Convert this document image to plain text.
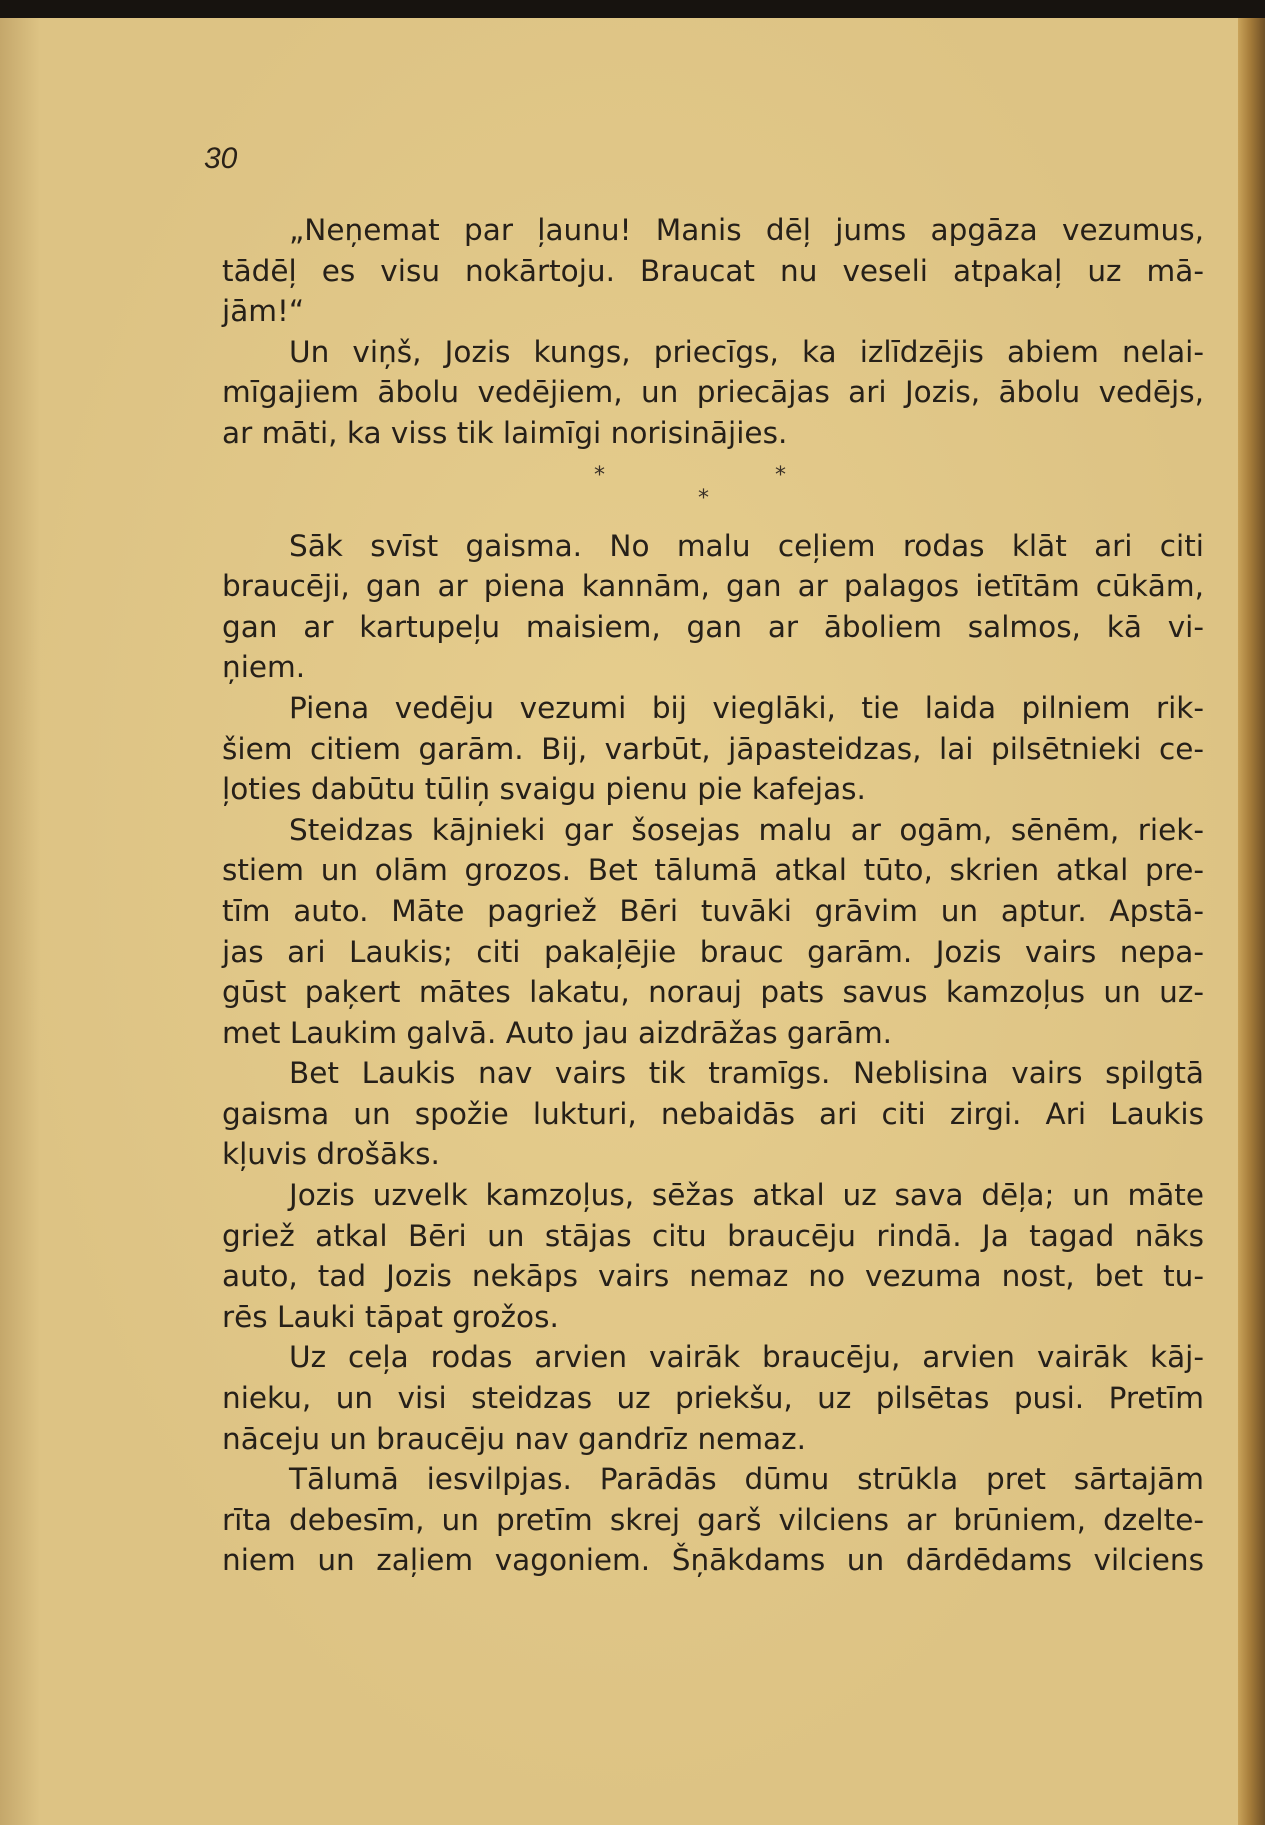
30

„Neņemat par ļaunu! Manis dēļ jums apgāza vezumus,
tādēļ es visu nokārtoju. Braucat nu veseli atpakaļ uz mā-
jām!“
Un viņš, Jozis kungs, priecīgs, ka izlīdzējis abiem nelai-
mīgajiem ābolu vedējiem, un priecājas ari Jozis, ābolu vedējs,
ar māti, ka viss tik laimīgi norisinājies.
*	*
*
Sāk svīst gaisma. No malu ceļiem rodas klāt ari citi
braucēji, gan ar piena kannām, gan ar palagos ietītām cūkām,
gan ar kartupeļu maisiem, gan ar āboliem salmos, kā vi-
ņiem.
Piena vedēju vezumi bij vieglāki, tie laida pilniem rik-
šiem citiem garām. Bij, varbūt, jāpasteidzas, lai pilsētnieki ce-
ļoties dabūtu tūliņ svaigu pienu pie kafejas.
Steidzas kājnieki gar šosejas malu ar ogām, sēnēm, riek-
stiem un olām grozos. Bet tālumā atkal tūto, skrien atkal pre-
tīm auto. Māte pagriež Bēri tuvāki grāvim un aptur. Apstā-
jas ari Laukis; citi pakaļējie brauc garām. Jozis vairs nepa-
gūst paķert mātes lakatu, norauj pats savus kamzoļus un uz-
met Laukim galvā. Auto jau aizdrāžas garām.
Bet Laukis nav vairs tik tramīgs. Neblisina vairs spilgtā
gaisma un spožie lukturi, nebaidās ari citi zirgi. Ari Laukis
kļuvis drošāks.
Jozis uzvelk kamzoļus, sēžas atkal uz sava dēļa; un māte
griež atkal Bēri un stājas citu braucēju rindā. Ja tagad nāks
auto, tad Jozis nekāps vairs nemaz no vezuma nost, bet tu-
rēs Lauki tāpat grožos.
Uz ceļa rodas arvien vairāk braucēju, arvien vairāk kāj-
nieku, un visi steidzas uz priekšu, uz pilsētas pusi. Pretīm
nāceju un braucēju nav gandrīz nemaz.
Tālumā iesvilpjas. Parādās dūmu strūkla pret sārtajām
rīta debesīm, un pretīm skrej garš vilciens ar brūniem, dzelte-
niem un zaļiem vagoniem. Šņākdams un dārdēdams vilciens
